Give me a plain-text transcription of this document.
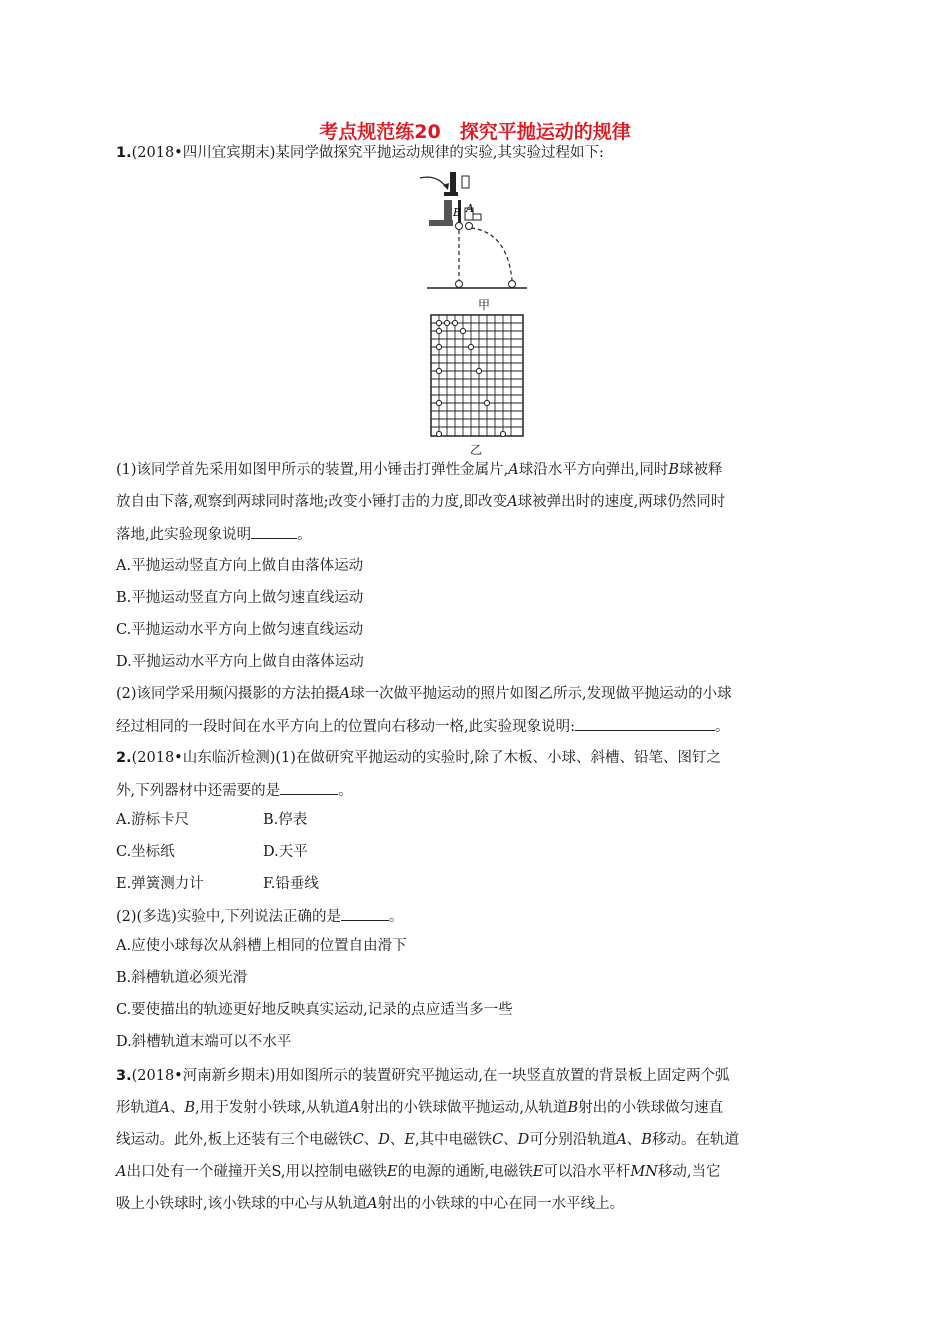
考点规范练20　探究平抛运动的规律
1.(2018•四川宜宾期末)某同学做探究平抛运动规律的实验,其实验过程如下:
B A
甲
乙
(1)该同学首先采用如图甲所示的装置,用小锤击打弹性金属片,A球沿水平方向弹出,同时B球被释
放自由下落,观察到两球同时落地;改变小锤打击的力度,即改变A球被弹出时的速度,两球仍然同时
落地,此实验现象说明	。
A.平抛运动竖直方向上做自由落体运动
B.平抛运动竖直方向上做匀速直线运动
C.平抛运动水平方向上做匀速直线运动
D.平抛运动水平方向上做自由落体运动
(2)该同学采用频闪摄影的方法拍摄A球一次做平抛运动的照片如图乙所示,发现做平抛运动的小球
经过相同的一段时间在水平方向上的位置向右移动一格,此实验现象说明:	。
2.(2018•山东临沂检测)(1)在做研究平抛运动的实验时,除了木板、小球、斜槽、铅笔、图钉之
外,下列器材中还需要的是	。
A.游标卡尺	B.停表
C.坐标纸	D.天平
E.弹簧测力计	F.铅垂线
(2)(多选)实验中,下列说法正确的是	。
A.应使小球每次从斜槽上相同的位置自由滑下
B.斜槽轨道必须光滑
C.要使描出的轨迹更好地反映真实运动,记录的点应适当多一些
D.斜槽轨道末端可以不水平
3.(2018•河南新乡期末)用如图所示的装置研究平抛运动,在一块竖直放置的背景板上固定两个弧
形轨道A、B,用于发射小铁球,从轨道A射出的小铁球做平抛运动,从轨道B射出的小铁球做匀速直
线运动。此外,板上还装有三个电磁铁C、D、E,其中电磁铁C、D可分别沿轨道A、B移动。在轨道
A出口处有一个碰撞开关S,用以控制电磁铁E的电源的通断,电磁铁E可以沿水平杆MN移动,当它
吸上小铁球时,该小铁球的中心与从轨道A射出的小铁球的中心在同一水平线上。
